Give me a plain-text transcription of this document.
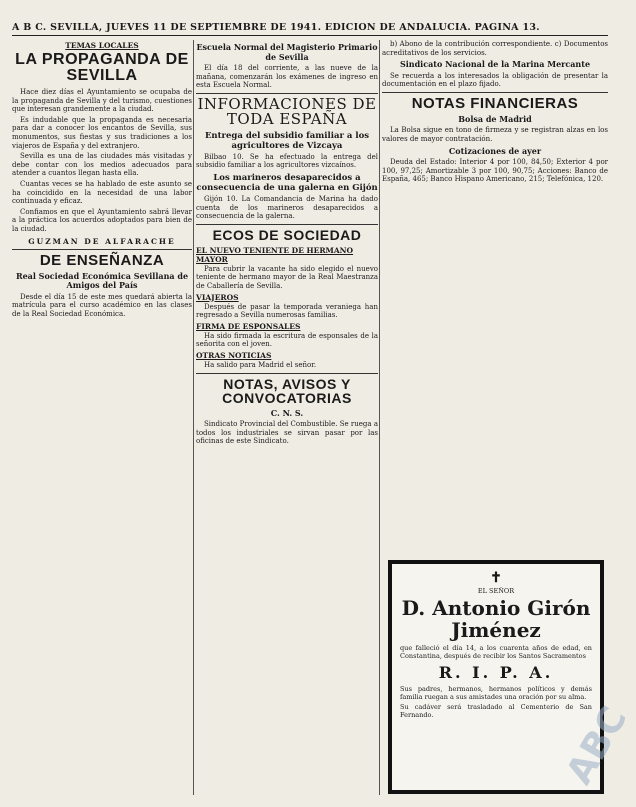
A B C. SEVILLA, JUEVES 11 DE SEPTIEMBRE DE 1941. EDICION DE ANDALUCIA. PAGINA 13.
TEMAS LOCALES
LA PROPAGANDA DE SEVILLA

Hace diez días el Ayuntamiento se ocupaba de la propaganda de Sevilla y del turismo, cuestiones que interesan grandemente a la ciudad.

Es indudable que la propaganda es necesaria para dar a conocer los encantos de Sevilla, sus monumentos, sus fiestas y sus tradiciones a los viajeros de España y del extranjero.

Sevilla es una de las ciudades más visitadas y debe contar con los medios adecuados para atender a cuantos llegan hasta ella.

Cuantas veces se ha hablado de este asunto se ha coincidido en la necesidad de una labor continuada y eficaz.

Confiamos en que el Ayuntamiento sabrá llevar a la práctica los acuerdos adoptados para bien de la ciudad.

GUZMAN DE ALFARACHE
DE ENSEÑANZA
Real Sociedad Económica Sevillana de Amigos del País

Desde el día 15 de este mes quedará abierta la matrícula para el curso académico en las clases de la Real Sociedad Económica.

Escuela Normal del Magisterio Primario de Sevilla

El día 18 del corriente, a las nueve de la mañana, comenzarán los exámenes de ingreso en esta Escuela Normal.

INFORMACIONES DE TODA ESPAÑA
Entrega del subsidio familiar a los agricultores de Vizcaya

Bilbao 10. Se ha efectuado la entrega del subsidio familiar a los agricultores vizcaínos.

Los marineros desaparecidos a consecuencia de una galerna en Gijón

Gijón 10. La Comandancia de Marina ha dado cuenta de los marineros desaparecidos a consecuencia de la galerna.

ECOS DE SOCIEDAD
EL NUEVO TENIENTE DE HERMANO MAYOR

Para cubrir la vacante ha sido elegido el nuevo teniente de hermano mayor de la Real Maestranza de Caballería de Sevilla.

VIAJEROS

Después de pasar la temporada veraniega han regresado a Sevilla numerosas familias.

FIRMA DE ESPONSALES

Ha sido firmada la escritura de esponsales de la señorita con el joven.

OTRAS NOTICIAS

Ha salido para Madrid el señor.

NOTAS, AVISOS Y CONVOCATORIAS
C. N. S.

Sindicato Provincial del Combustible. Se ruega a todos los industriales se sirvan pasar por las oficinas de este Sindicato.

b) Abono de la contribución correspondiente. c) Documentos acreditativos de los servicios.

Sindicato Nacional de la Marina Mercante

Se recuerda a los interesados la obligación de presentar la documentación en el plazo fijado.

NOTAS FINANCIERAS
Bolsa de Madrid

La Bolsa sigue en tono de firmeza y se registran alzas en los valores de mayor contratación.

Cotizaciones de ayer

Deuda del Estado: Interior 4 por 100, 84,50; Exterior 4 por 100, 97,25; Amortizable 3 por 100, 90,75; Acciones: Banco de España, 465; Banco Hispano Americano, 215; Telefónica, 120.

✝
EL SEÑOR
D. Antonio Girón Jiménez

que falleció el día 14, a los cuarenta años de edad, en Constantina, después de recibir los Santos Sacramentos

R. I. P. A.

Sus padres, hermanos, hermanos políticos y demás familia ruegan a sus amistades una oración por su alma.

Su cadáver será trasladado al Cementerio de San Fernando.	ABC
